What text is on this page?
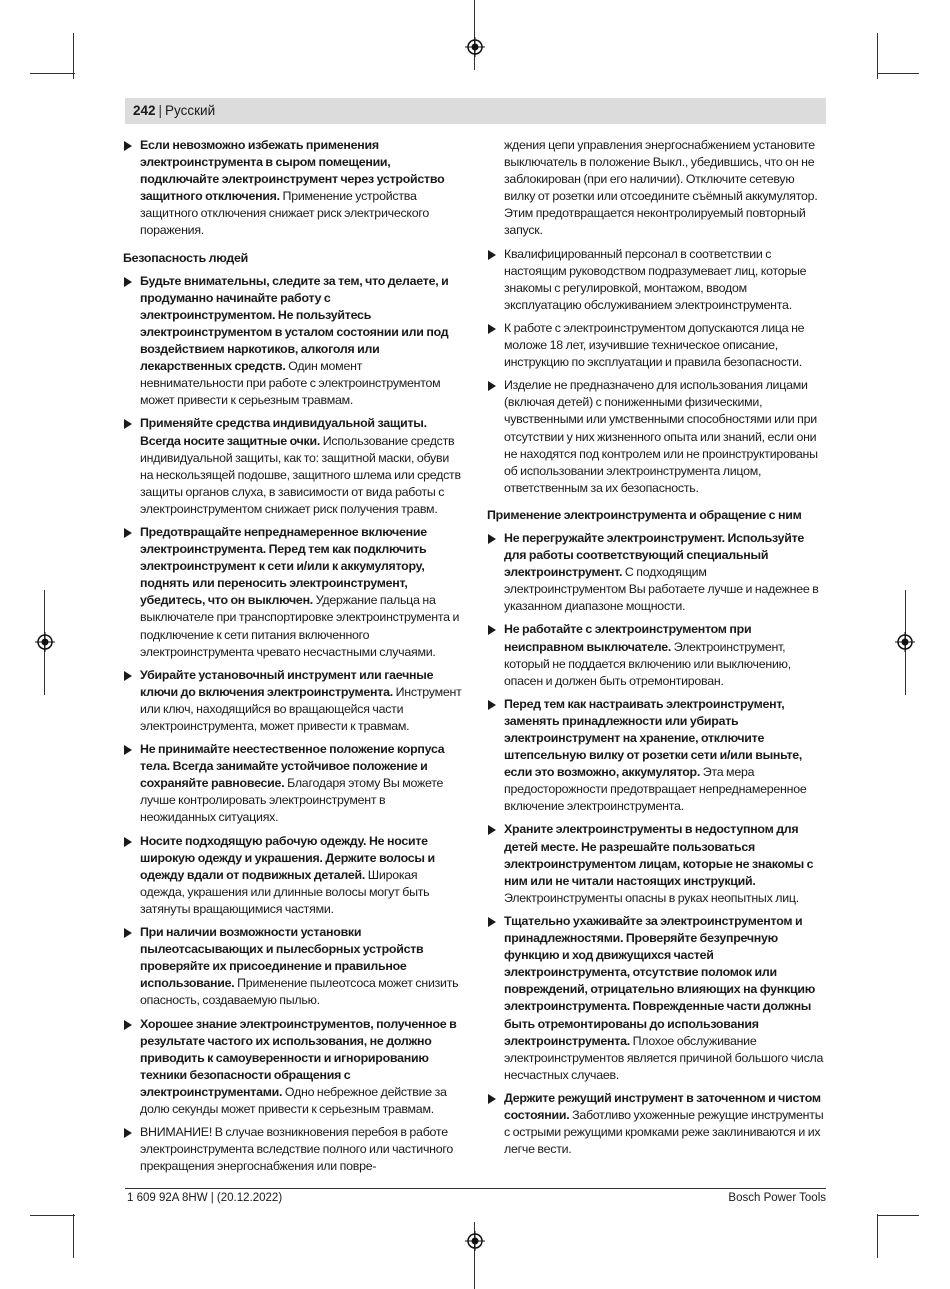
242 | Русский
Если невозможно избежать применения электроинструмента в сыром помещении, подключайте электроинструмент через устройство защитного отключения. Применение устройства защитного отключения снижает риск электрического поражения.
Безопасность людей
Будьте внимательны, следите за тем, что делаете, и продуманно начинайте работу с электроинструментом. Не пользуйтесь электроинструментом в усталом состоянии или под воздействием наркотиков, алкоголя или лекарственных средств. Один момент невнимательности при работе с электроинструментом может привести к серьезным травмам.
Применяйте средства индивидуальной защиты. Всегда носите защитные очки. Использование средств индивидуальной защиты, как то: защитной маски, обуви на нескользящей подошве, защитного шлема или средств защиты органов слуха, в зависимости от вида работы с электроинструментом снижает риск получения травм.
Предотвращайте непреднамеренное включение электроинструмента. Перед тем как подключить электроинструмент к сети и/или к аккумулятору, поднять или переносить электроинструмент, убедитесь, что он выключен. Удержание пальца на выключателе при транспортировке электроинструмента и подключение к сети питания включенного электроинструмента чревато несчастными случаями.
Убирайте установочный инструмент или гаечные ключи до включения электроинструмента. Инструмент или ключ, находящийся во вращающейся части электроинструмента, может привести к травмам.
Не принимайте неестественное положение корпуса тела. Всегда занимайте устойчивое положение и сохраняйте равновесие. Благодаря этому Вы можете лучше контролировать электроинструмент в неожиданных ситуациях.
Носите подходящую рабочую одежду. Не носите широкую одежду и украшения. Держите волосы и одежду вдали от подвижных деталей. Широкая одежда, украшения или длинные волосы могут быть затянуты вращающимися частями.
При наличии возможности установки пылеотсасывающих и пылесборных устройств проверяйте их присоединение и правильное использование. Применение пылеотсоса может снизить опасность, создаваемую пылью.
Хорошее знание электроинструментов, полученное в результате частого их использования, не должно приводить к самоуверенности и игнорированию техники безопасности обращения с электроинструментами. Одно небрежное действие за долю секунды может привести к серьезным травмам.
ВНИМАНИЕ! В случае возникновения перебоя в работе электроинструмента вследствие полного или частичного прекращения энергоснабжения или повре-
ждения цепи управления энергоснабжением установите выключатель в положение Выкл., убедившись, что он не заблокирован (при его наличии). Отключите сетевую вилку от розетки или отсоедините съёмный аккумулятор. Этим предотвращается неконтролируемый повторный запуск.
Квалифицированный персонал в соответствии с настоящим руководством подразумевает лиц, которые знакомы с регулировкой, монтажом, вводом эксплуатацию обслуживанием электроинструмента.
К работе с электроинструментом допускаются лица не моложе 18 лет, изучившие техническое описание, инструкцию по эксплуатации и правила безопасности.
Изделие не предназначено для использования лицами (включая детей) с пониженными физическими, чувственными или умственными способностями или при отсутствии у них жизненного опыта или знаний, если они не находятся под контролем или не проинструктированы об использовании электроинструмента лицом, ответственным за их безопасность.
Применение электроинструмента и обращение с ним
Не перегружайте электроинструмент. Используйте для работы соответствующий специальный электроинструмент. С подходящим электроинструментом Вы работаете лучше и надежнее в указанном диапазоне мощности.
Не работайте с электроинструментом при неисправном выключателе. Электроинструмент, который не поддается включению или выключению, опасен и должен быть отремонтирован.
Перед тем как настраивать электроинструмент, заменять принадлежности или убирать электроинструмент на хранение, отключите штепсельную вилку от розетки сети и/или выньте, если это возможно, аккумулятор. Эта мера предосторожности предотвращает непреднамеренное включение электроинструмента.
Храните электроинструменты в недоступном для детей месте. Не разрешайте пользоваться электроинструментом лицам, которые не знакомы с ним или не читали настоящих инструкций. Электроинструменты опасны в руках неопытных лиц.
Тщательно ухаживайте за электроинструментом и принадлежностями. Проверяйте безупречную функцию и ход движущихся частей электроинструмента, отсутствие поломок или повреждений, отрицательно влияющих на функцию электроинструмента. Поврежденные части должны быть отремонтированы до использования электроинструмента. Плохое обслуживание электроинструментов является причиной большого числа несчастных случаев.
Держите режущий инструмент в заточенном и чистом состоянии. Заботливо ухоженные режущие инструменты с острыми режущими кромками реже заклиниваются и их легче вести.
1 609 92A 8HW | (20.12.2022)	Bosch Power Tools
